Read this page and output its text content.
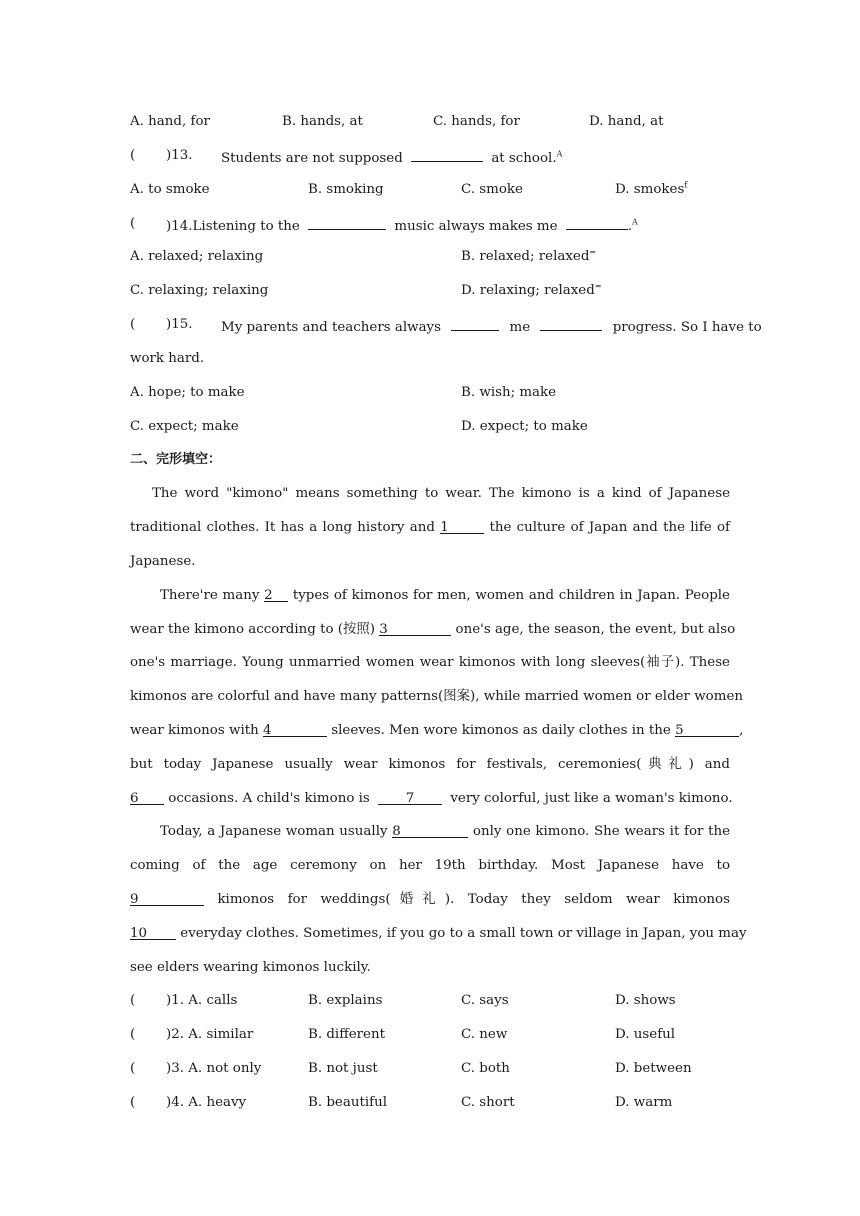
A. hand, for	B. hands, at	C. hands, for	D. hand, at
( )13. Students are not supposed	at school.$^A$
A. to smoke	B. smoking	C. smoke	D. smokes$^f$
( )14.Listening to the	music always makes me	.$^A$
A. relaxed; relaxing	B. relaxed; relaxed=
C. relaxing; relaxing	D. relaxing; relaxed=
( )15. My parents and teachers always	me	progress. So I have to
work hard.
A. hope; to make	B. wish; make
C. expect; make	D. expect; to make
二、完形填空：
The word "kimono" means something to wear. The kimono is a kind of Japanese
traditional clothes. It has a long history and 1	the culture of Japan and the life of
Japanese.
There're many 2 types of kimonos for men, women and children in Japan. People
wear the kimono according to (按照) 3	one's age, the season, the event, but also
one's marriage. Young unmarried women wear kimonos with long sleeves(袖子). These
kimonos are colorful and have many patterns(图案), while married women or elder women
wear kimonos with 4	sleeves. Men wore kimonos as daily clothes in the 5	,
but today Japanese usually wear kimonos for festivals, ceremonies(典礼) and
6 occasions. A child's kimono is	7	very colorful, just like a woman's kimono.
Today, a Japanese woman usually 8	only one kimono. She wears it for the
coming of the age ceremony on her 19th birthday. Most Japanese have to
9	kimonos for weddings(婚礼). Today they seldom wear kimonos
10 everyday clothes. Sometimes, if you go to a small town or village in Japan, you may
see elders wearing kimonos luckily.
( )1. A. calls	B. explains	C. says	D. shows
( )2. A. similar	B. different	C. new	D. useful
( )3. A. not only	B. not just	C. both	D. between
( )4. A. heavy	B. beautiful	C. short	D. warm
